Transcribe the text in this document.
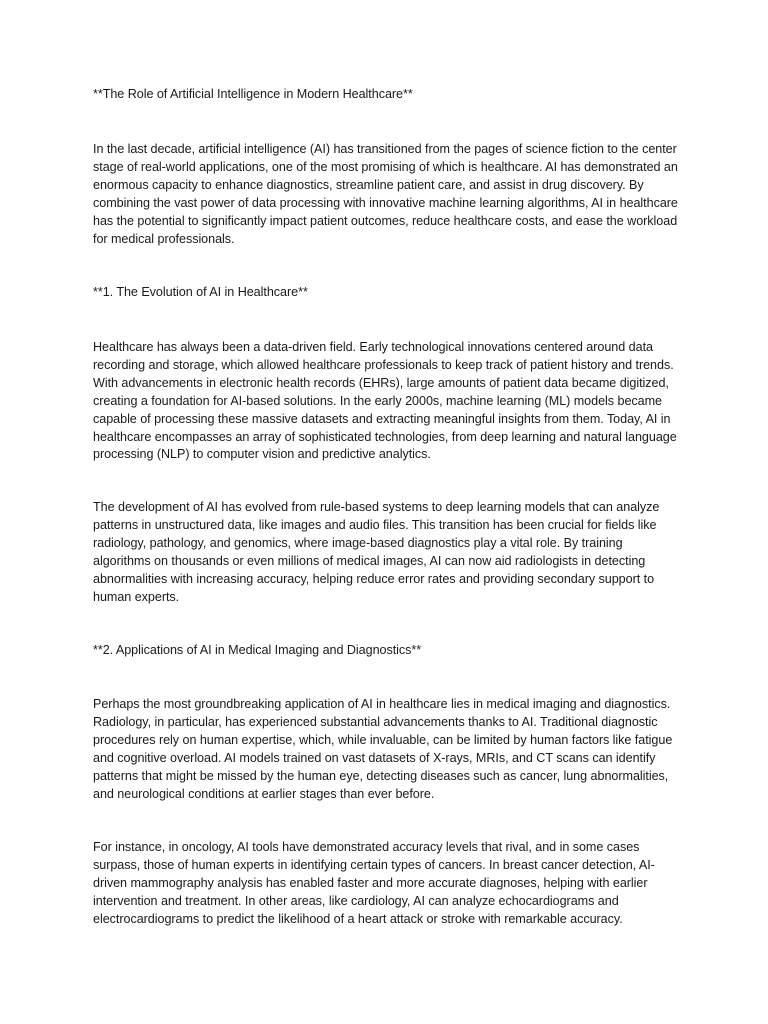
**The Role of Artificial Intelligence in Modern Healthcare**

In the last decade, artificial intelligence (AI) has transitioned from the pages of science fiction to the center stage of real-world applications, one of the most promising of which is healthcare. AI has demonstrated an enormous capacity to enhance diagnostics, streamline patient care, and assist in drug discovery. By combining the vast power of data processing with innovative machine learning algorithms, AI in healthcare has the potential to significantly impact patient outcomes, reduce healthcare costs, and ease the workload for medical professionals.

**1. The Evolution of AI in Healthcare**

Healthcare has always been a data-driven field. Early technological innovations centered around data recording and storage, which allowed healthcare professionals to keep track of patient history and trends. With advancements in electronic health records (EHRs), large amounts of patient data became digitized, creating a foundation for AI-based solutions. In the early 2000s, machine learning (ML) models became capable of processing these massive datasets and extracting meaningful insights from them. Today, AI in healthcare encompasses an array of sophisticated technologies, from deep learning and natural language processing (NLP) to computer vision and predictive analytics.

The development of AI has evolved from rule-based systems to deep learning models that can analyze patterns in unstructured data, like images and audio files. This transition has been crucial for fields like radiology, pathology, and genomics, where image-based diagnostics play a vital role. By training algorithms on thousands or even millions of medical images, AI can now aid radiologists in detecting abnormalities with increasing accuracy, helping reduce error rates and providing secondary support to human experts.

**2. Applications of AI in Medical Imaging and Diagnostics**

Perhaps the most groundbreaking application of AI in healthcare lies in medical imaging and diagnostics. Radiology, in particular, has experienced substantial advancements thanks to AI. Traditional diagnostic procedures rely on human expertise, which, while invaluable, can be limited by human factors like fatigue and cognitive overload. AI models trained on vast datasets of X-rays, MRIs, and CT scans can identify patterns that might be missed by the human eye, detecting diseases such as cancer, lung abnormalities, and neurological conditions at earlier stages than ever before.

For instance, in oncology, AI tools have demonstrated accuracy levels that rival, and in some cases surpass, those of human experts in identifying certain types of cancers. In breast cancer detection, AI-driven mammography analysis has enabled faster and more accurate diagnoses, helping with earlier intervention and treatment. In other areas, like cardiology, AI can analyze echocardiograms and electrocardiograms to predict the likelihood of a heart attack or stroke with remarkable accuracy.
